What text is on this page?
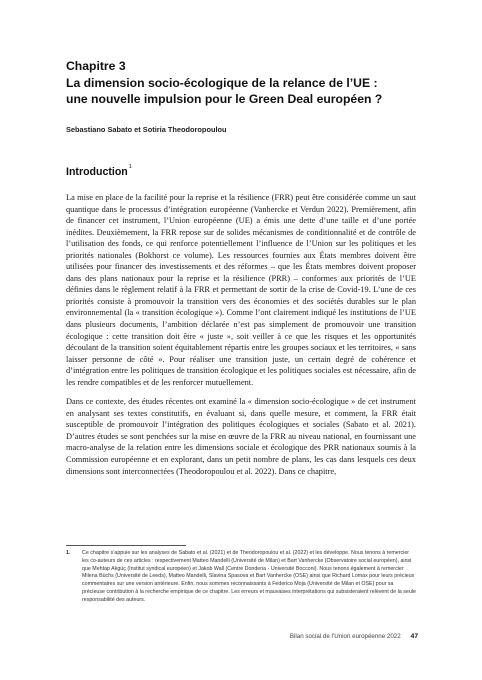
Chapitre 3
La dimension socio-écologique de la relance de l’UE :
une nouvelle impulsion pour le Green Deal européen ?
Sebastiano Sabato et Sotiria Theodoropoulou
Introduction$^1$

La mise en place de la facilité pour la reprise et la résilience (FRR) peut être considérée comme un saut quantique dans le processus d’intégration européenne (Vanhercke et Verdun 2022). Premièrement, afin de financer cet instrument, l’Union européenne (UE) a émis une dette d’une taille et d’une portée inédites. Deuxièmement, la FRR repose sur de solides mécanismes de conditionnalité et de contrôle de l’utilisation des fonds, ce qui renforce potentiellement l’influence de l’Union sur les politiques et les priorités nationales (Bokhorst ce volume). Les ressources fournies aux États membres doivent être utilisées pour financer des investissements et des réformes – que les États membres doivent proposer dans des plans nationaux pour la reprise et la résilience (PRR) – conformes aux priorités de l’UE définies dans le règlement relatif à la FRR et permettant de sortir de la crise de Covid-19. L’une de ces priorités consiste à promouvoir la transition vers des économies et des sociétés durables sur le plan environnemental (la « transition écologique »). Comme l’ont clairement indiqué les institutions de l’UE dans plusieurs documents, l’ambition déclarée n’est pas simplement de promouvoir une transition écologique : cette transition doit être « juste », soit veiller à ce que les risques et les opportunités découlant de la transition soient équitablement répartis entre les groupes sociaux et les territoires, « sans laisser personne de côté ». Pour réaliser une transition juste, un certain degré de cohérence et d’intégration entre les politiques de transition écologique et les politiques sociales est nécessaire, afin de les rendre compatibles et de les renforcer mutuellement.

Dans ce contexte, des études récentes ont examiné la « dimension socio-écologique » de cet instrument en analysant ses textes constitutifs, en évaluant si, dans quelle mesure, et comment, la FRR était susceptible de promouvoir l’intégration des politiques écologiques et sociales (Sabato et al. 2021). D’autres études se sont penchées sur la mise en œuvre de la FRR au niveau national, en fournissant une macro-analyse de la relation entre les dimensions sociale et écologique des PRR nationaux soumis à la Commission européenne et en explorant, dans un petit nombre de plans, les cas dans lesquels ces deux dimensions sont interconnectées (Theodoropoulou et al. 2022). Dans ce chapitre,

1. Ce chapitre s’appuie sur les analyses de Sabato et al. (2021) et de Theodoropoulou et al. (2022) et les développe. Nous tenons à remercier les co-auteurs de ces articles : respectivement Matteo Mandelli (Université de Milan) et Bart Vanhercke (Observatoire social européen), ainsi que Mehtap Akgüç (Institut syndical européen) et Jakob Wall (Centre Dondena - Université Bocconi). Nous tenons également à remercier Milena Büchs (Université de Leeds), Matteo Mandelli, Slavina Spasova et Bart Vanhercke (OSE) ainsi que Richard Lomax pour leurs précieux commentaires sur une version antérieure. Enfin, nous sommes reconnaissants à Federico Moja (Université de Milan et OSE) pour sa précieuse contribution à la recherche empirique de ce chapitre. Les erreurs et mauvaises interprétations qui subsisteraient relèvent de la seule responsabilité des auteurs.
Bilan social de l’Union européenne 2022 47
